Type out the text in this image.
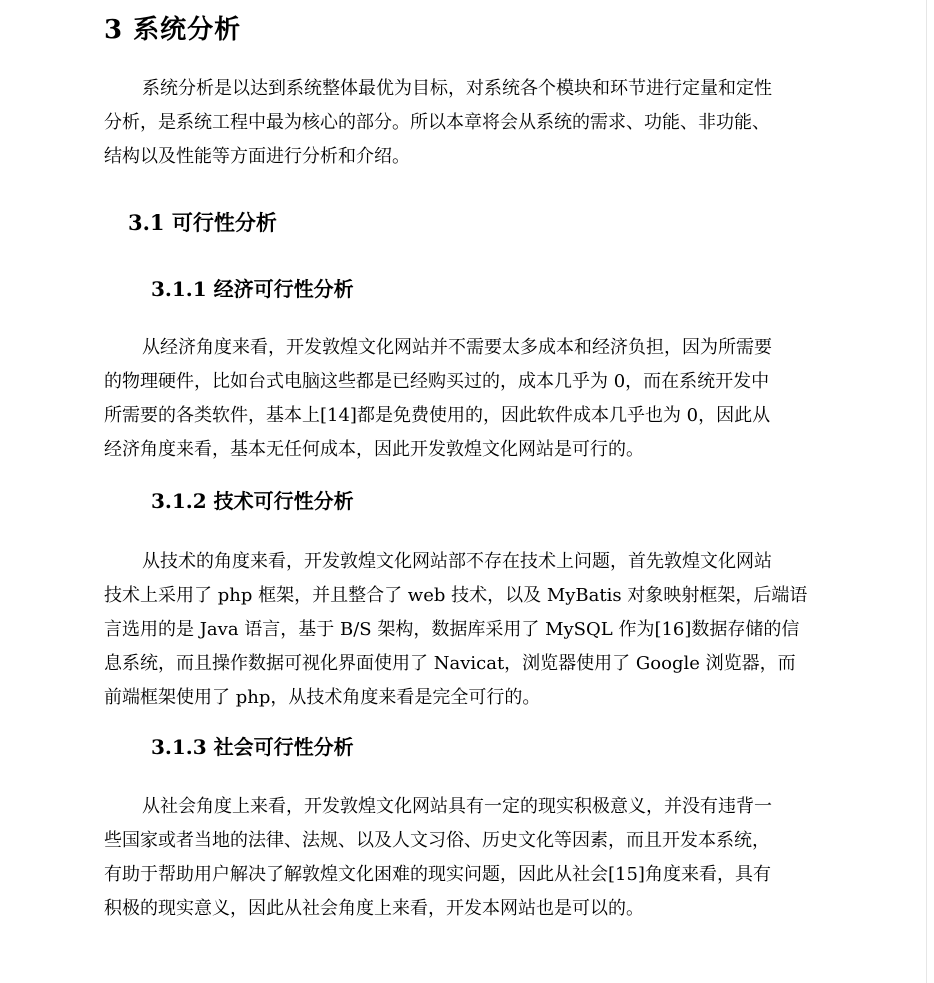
3 系统分析
系统分析是以达到系统整体最优为目标，对系统各个模块和环节进行定量和定性
分析，是系统工程中最为核心的部分。所以本章将会从系统的需求、功能、非功能、
结构以及性能等方面进行分析和介绍。
3.1 可行性分析
3.1.1 经济可行性分析
从经济角度来看，开发敦煌文化网站并不需要太多成本和经济负担，因为所需要
的物理硬件，比如台式电脑这些都是已经购买过的，成本几乎为 0，而在系统开发中
所需要的各类软件，基本上[14]都是免费使用的，因此软件成本几乎也为 0，因此从
经济角度来看，基本无任何成本，因此开发敦煌文化网站是可行的。
3.1.2 技术可行性分析
从技术的角度来看，开发敦煌文化网站部不存在技术上问题，首先敦煌文化网站
技术上采用了 php 框架，并且整合了 web 技术，以及 MyBatis 对象映射框架，后端语
言选用的是 Java 语言，基于 B/S 架构，数据库采用了 MySQL 作为[16]数据存储的信
息系统，而且操作数据可视化界面使用了 Navicat，浏览器使用了 Google 浏览器，而
前端框架使用了 php，从技术角度来看是完全可行的。
3.1.3 社会可行性分析
从社会角度上来看，开发敦煌文化网站具有一定的现实积极意义，并没有违背一
些国家或者当地的法律、法规、以及人文习俗、历史文化等因素，而且开发本系统，
有助于帮助用户解决了解敦煌文化困难的现实问题，因此从社会[15]角度来看，具有
积极的现实意义，因此从社会角度上来看，开发本网站也是可以的。
